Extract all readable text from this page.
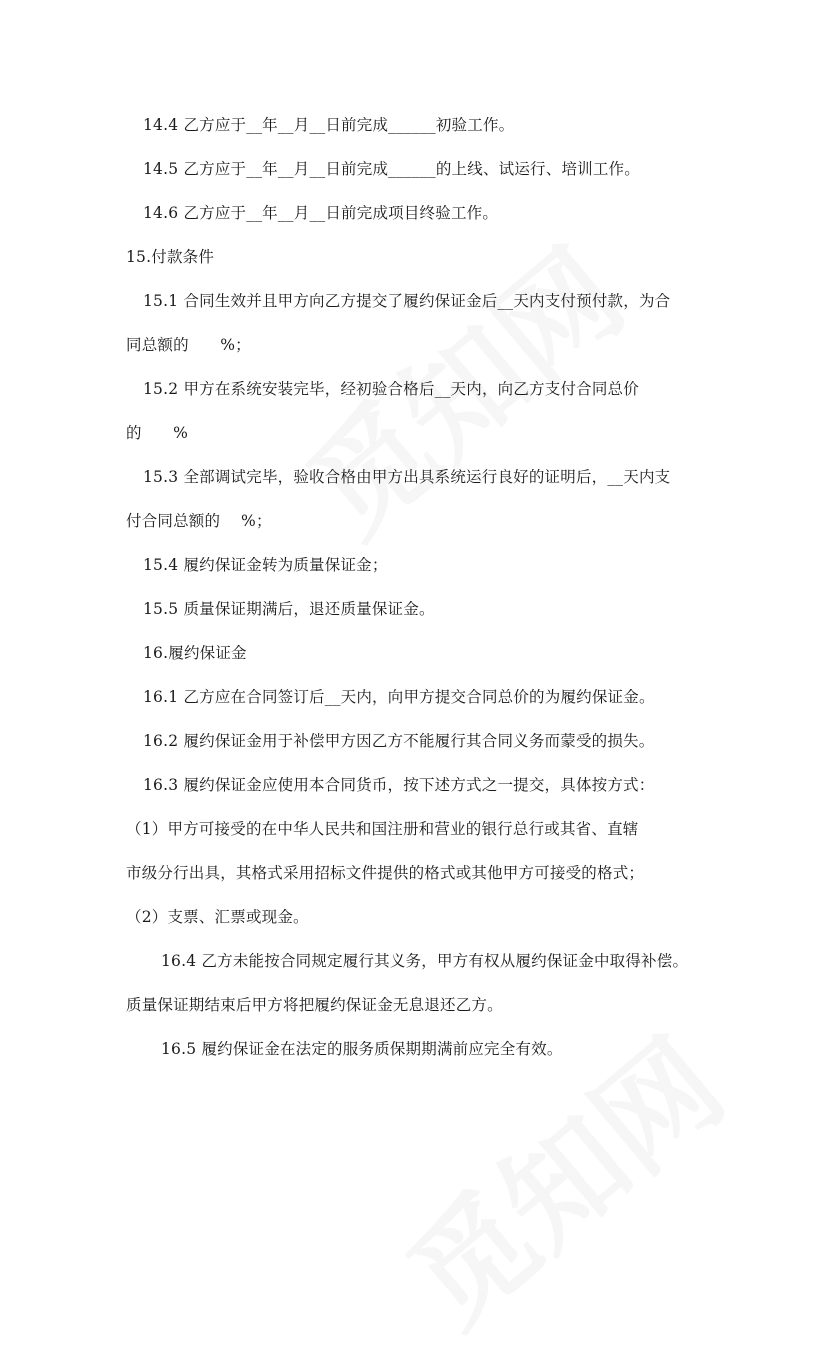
14.4 乙方应于__年__月__日前完成______初验工作。
14.5 乙方应于__年__月__日前完成______的上线、试运行、培训工作。
14.6 乙方应于__年__月__日前完成项目终验工作。
15.付款条件
15.1 合同生效并且甲方向乙方提交了履约保证金后__天内支付预付款，为合
同总额的　　%；
15.2 甲方在系统安装完毕，经初验合格后__天内，向乙方支付合同总价
的　　%
15.3 全部调试完毕，验收合格由甲方出具系统运行良好的证明后，__天内支
付合同总额的　 %；
15.4 履约保证金转为质量保证金；
15.5 质量保证期满后，退还质量保证金。
16.履约保证金
16.1 乙方应在合同签订后__天内，向甲方提交合同总价的为履约保证金。
16.2 履约保证金用于补偿甲方因乙方不能履行其合同义务而蒙受的损失。
16.3 履约保证金应使用本合同货币，按下述方式之一提交，具体按方式：
（1）甲方可接受的在中华人民共和国注册和营业的银行总行或其省、直辖
市级分行出具，其格式采用招标文件提供的格式或其他甲方可接受的格式；
（2）支票、汇票或现金。
16.4 乙方未能按合同规定履行其义务，甲方有权从履约保证金中取得补偿。
质量保证期结束后甲方将把履约保证金无息退还乙方。
16.5 履约保证金在法定的服务质保期期满前应完全有效。
